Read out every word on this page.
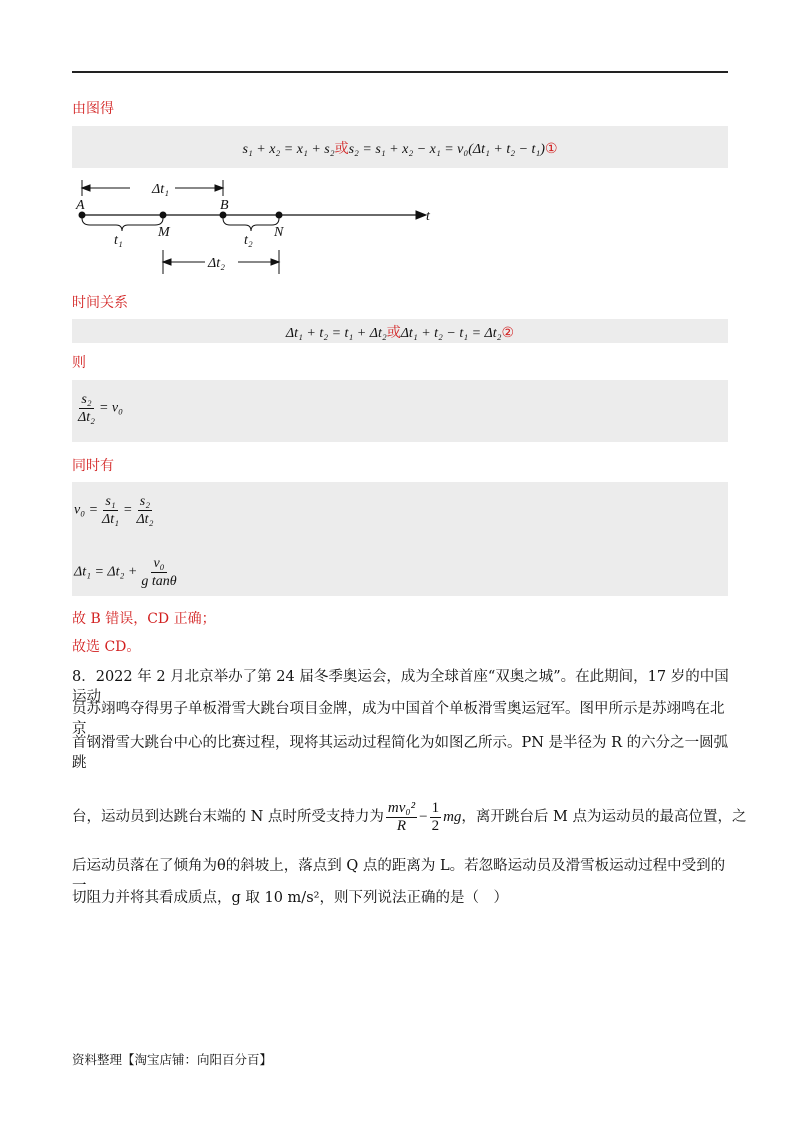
由图得
s₁ + x₂ = x₁ + s₂或s₂ = s₁ + x₂ − x₁ = v₀(Δt₁ + t₂ − t₁)①
Δt₁
A	B
M	N
t₁	t₂
Δt₂
t
时间关系
Δt₁ + t₂ = t₁ + Δt₂或Δt₁ + t₂ − t₁ = Δt₂②
则
$\frac{\text{s₂}}{\text{Δt₂}} = v_0$
同时有
$v_0 = \frac{\text{s₁}}{\text{Δt₁}} = \frac{\text{s₂}}{\text{Δt₂}}$
$\Delta t_1 = \Delta t_2 + \frac{\text{v₀}}{\text{g tanθ}}$
故 B 错误，CD 正确；
故选 CD。
8．2022 年 2 月北京举办了第 24 届冬季奥运会，成为全球首座“双奥之城”。在此期间，17 岁的中国运动
员苏翊鸣夺得男子单板滑雪大跳台项目金牌，成为中国首个单板滑雪奥运冠军。图甲所示是苏翊鸣在北京
首钢滑雪大跳台中心的比赛过程，现将其运动过程简化为如图乙所示。PN 是半径为 R 的六分之一圆弧跳
台，运动员到达跳台末端的 N 点时所受支持力为 $\frac{\text{mv₀²}}{R} - \frac{1}{2}$ mg ，离开跳台后 M 点为运动员的最高位置，之
后运动员落在了倾角为θ的斜坡上，落点到 Q 点的距离为 L。若忽略运动员及滑雪板运动过程中受到的一
切阻力并将其看成质点，g 取 10 m/s²，则下列说法正确的是（　）
资料整理【淘宝店铺：向阳百分百】
